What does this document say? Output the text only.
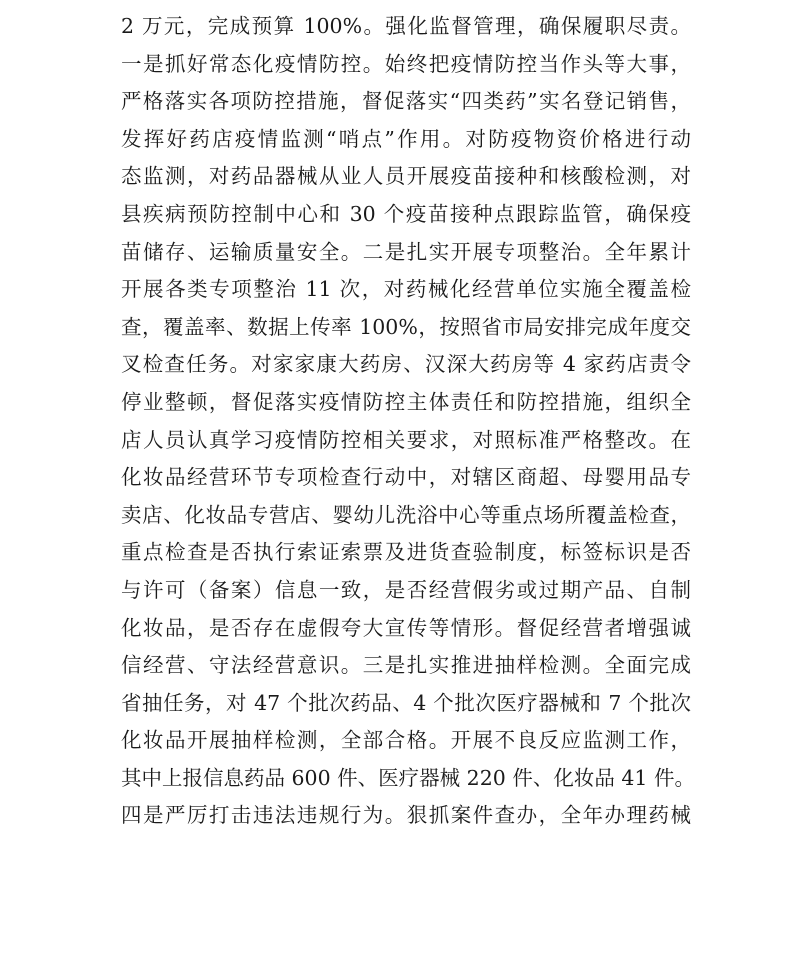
2 万元，完成预算 100%。强化监督管理，确保履职尽责。
一是抓好常态化疫情防控。始终把疫情防控当作头等大事，
严格落实各项防控措施，督促落实“四类药”实名登记销售，
发挥好药店疫情监测“哨点”作用。对防疫物资价格进行动
态监测，对药品器械从业人员开展疫苗接种和核酸检测，对
县疾病预防控制中心和 30 个疫苗接种点跟踪监管，确保疫
苗储存、运输质量安全。二是扎实开展专项整治。全年累计
开展各类专项整治 11 次，对药械化经营单位实施全覆盖检
查，覆盖率、数据上传率 100%，按照省市局安排完成年度交
叉检查任务。对家家康大药房、汉深大药房等 4 家药店责令
停业整顿，督促落实疫情防控主体责任和防控措施，组织全
店人员认真学习疫情防控相关要求，对照标准严格整改。在
化妆品经营环节专项检查行动中，对辖区商超、母婴用品专
卖店、化妆品专营店、婴幼儿洗浴中心等重点场所覆盖检查，
重点检查是否执行索证索票及进货查验制度，标签标识是否
与许可（备案）信息一致，是否经营假劣或过期产品、自制
化妆品，是否存在虚假夸大宣传等情形。督促经营者增强诚
信经营、守法经营意识。三是扎实推进抽样检测。全面完成
省抽任务，对 47 个批次药品、4 个批次医疗器械和 7 个批次
化妆品开展抽样检测，全部合格。开展不良反应监测工作，
其中上报信息药品 600 件、医疗器械 220 件、化妆品 41 件。
四是严厉打击违法违规行为。狠抓案件查办，全年办理药械
